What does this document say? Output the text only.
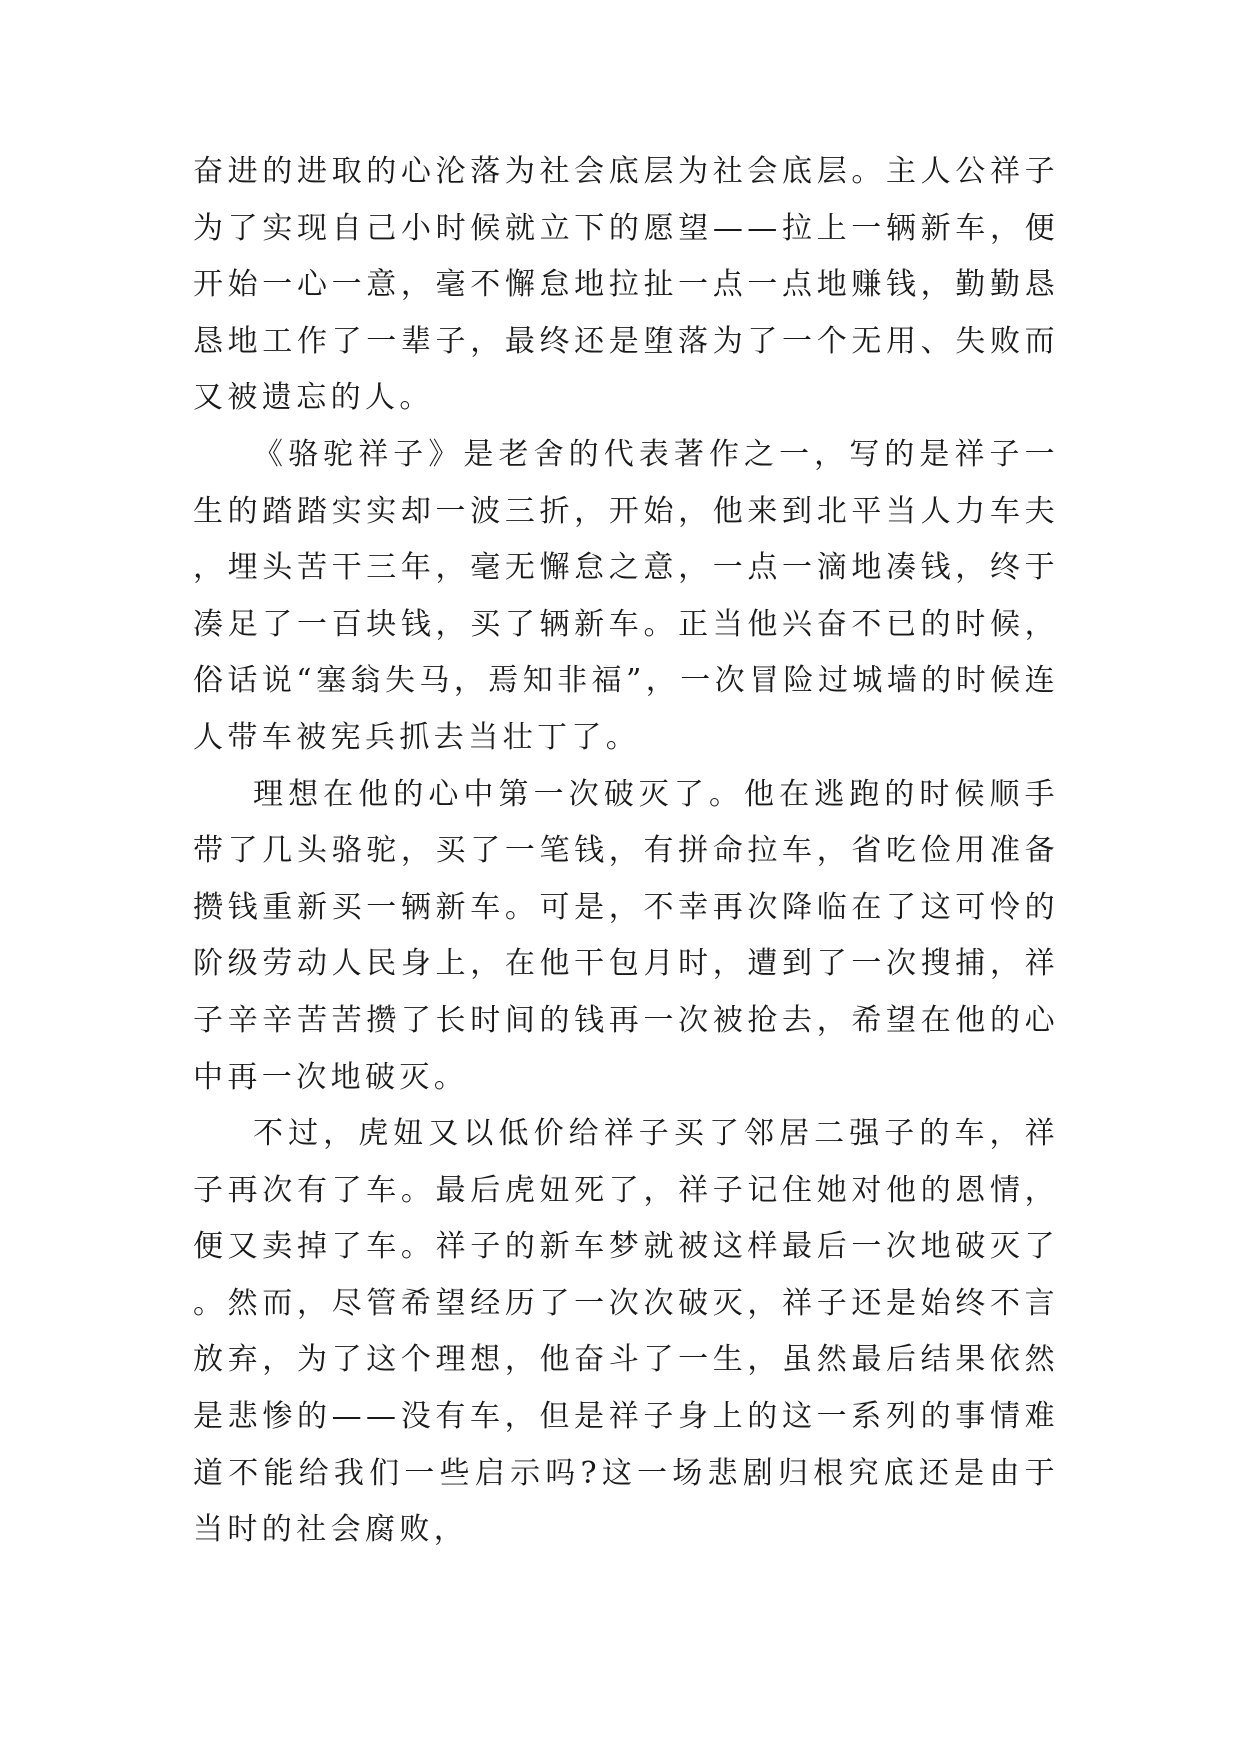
奋进的进取的心沦落为社会底层为社会底层。主人公祥子为了实现自己小时候就立下的愿望——拉上一辆新车，便开始一心一意，毫不懈怠地拉扯一点一点地赚钱，勤勤恳恳地工作了一辈子，最终还是堕落为了一个无用、失败而又被遗忘的人。

《骆驼祥子》是老舍的代表著作之一，写的是祥子一生的踏踏实实却一波三折，开始，他来到北平当人力车夫，埋头苦干三年，毫无懈怠之意，一点一滴地凑钱，终于凑足了一百块钱，买了辆新车。正当他兴奋不已的时候，俗话说“塞翁失马，焉知非福”，一次冒险过城墙的时候连人带车被宪兵抓去当壮丁了。

理想在他的心中第一次破灭了。他在逃跑的时候顺手带了几头骆驼，买了一笔钱，有拼命拉车，省吃俭用准备攒钱重新买一辆新车。可是，不幸再次降临在了这可怜的阶级劳动人民身上，在他干包月时，遭到了一次搜捕，祥子辛辛苦苦攒了长时间的钱再一次被抢去，希望在他的心中再一次地破灭。

不过，虎妞又以低价给祥子买了邻居二强子的车，祥子再次有了车。最后虎妞死了，祥子记住她对他的恩情，便又卖掉了车。祥子的新车梦就被这样最后一次地破灭了。然而，尽管希望经历了一次次破灭，祥子还是始终不言放弃，为了这个理想，他奋斗了一生，虽然最后结果依然是悲惨的——没有车，但是祥子身上的这一系列的事情难道不能给我们一些启示吗?这一场悲剧归根究底还是由于当时的社会腐败，
